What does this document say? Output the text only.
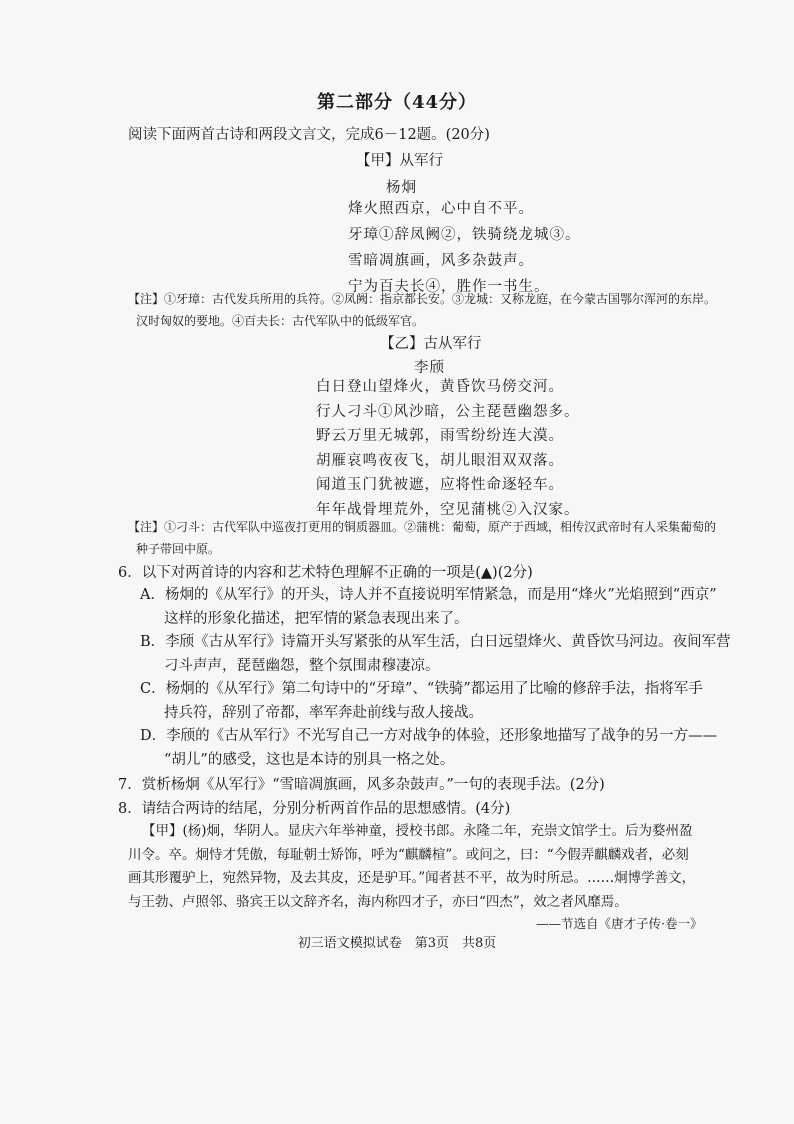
第二部分（44分）
阅读下面两首古诗和两段文言文，完成6－12题。(20分)
【甲】从军行
杨炯
烽火照西京，心中自不平。
牙璋①辞凤阙②，铁骑绕龙城③。
雪暗凋旗画，风多杂鼓声。
宁为百夫长④，胜作一书生。
【注】①牙璋：古代发兵所用的兵符。②凤阙：指京都长安。③龙城：又称龙庭，在今蒙古国鄂尔浑河的东岸。
汉时匈奴的要地。④百夫长：古代军队中的低级军官。
【乙】古从军行
李颀
白日登山望烽火，黄昏饮马傍交河。
行人刁斗①风沙暗，公主琵琶幽怨多。
野云万里无城郭，雨雪纷纷连大漠。
胡雁哀鸣夜夜飞，胡儿眼泪双双落。
闻道玉门犹被遮，应将性命逐轻车。
年年战骨埋荒外，空见蒲桃②入汉家。
【注】①刁斗：古代军队中巡夜打更用的铜质器皿。②蒲桃：葡萄，原产于西域，相传汉武帝时有人采集葡萄的
种子带回中原。
6．以下对两首诗的内容和艺术特色理解不正确的一项是(▲)(2分)
A．杨炯的《从军行》的开头，诗人并不直接说明军情紧急，而是用“烽火”光焰照到“西京”
这样的形象化描述，把军情的紧急表现出来了。
B．李颀《古从军行》诗篇开头写紧张的从军生活，白日远望烽火、黄昏饮马河边。夜间军营
刁斗声声，琵琶幽怨，整个氛围肃穆凄凉。
C．杨炯的《从军行》第二句诗中的“牙璋”、“铁骑”都运用了比喻的修辞手法，指将军手
持兵符，辞别了帝都，率军奔赴前线与敌人接战。
D．李颀的《古从军行》不光写自己一方对战争的体验，还形象地描写了战争的另一方——
“胡儿”的感受，这也是本诗的别具一格之处。
7．赏析杨炯《从军行》“雪暗凋旗画，风多杂鼓声。”一句的表现手法。(2分)
8．请结合两诗的结尾，分别分析两首作品的思想感情。(4分)
【甲】(杨)炯，华阴人。显庆六年举神童，授校书郎。永隆二年，充崇文馆学士。后为婺州盈
川令。卒。炯恃才凭傲，每耻朝士矫饰，呼为“麒麟楦”。或问之，曰：“今假弄麒麟戏者，必刻
画其形覆驴上，宛然异物，及去其皮，还是驴耳。”闻者甚不平，故为时所忌。……炯博学善文，
与王勃、卢照邻、骆宾王以文辞齐名，海内称四才子，亦曰“四杰”，效之者风靡焉。
——节选自《唐才子传·卷一》
初三语文模拟试卷　第3页　共8页
